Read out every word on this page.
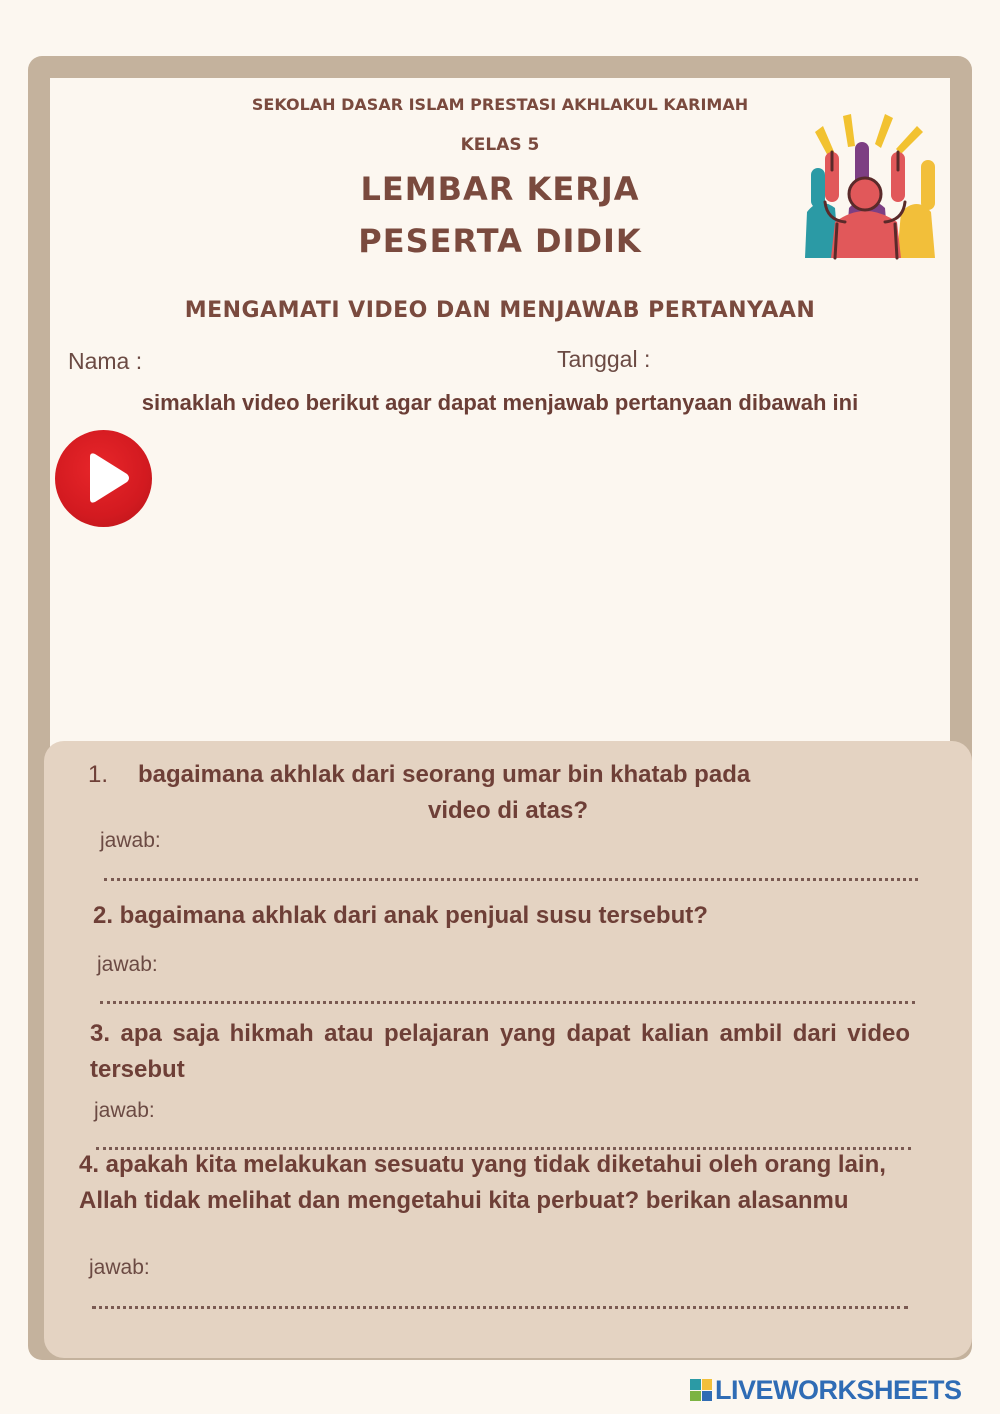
SEKOLAH DASAR ISLAM PRESTASI AKHLAKUL KARIMAH

KELAS 5

LEMBAR KERJA

PESERTA DIDIK

MENGAMATI VIDEO DAN MENJAWAB PERTANYAAN

Nama :	Tanggal :

simaklah video berikut agar dapat menjawab pertanyaan dibawah ini

1. bagaimana akhlak dari seorang umar bin khatab pada
video di atas?

jawab:

2. bagaimana akhlak dari anak penjual susu tersebut?

jawab:

3. apa saja hikmah atau pelajaran yang dapat kalian ambil dari video tersebut

jawab:

4. apakah kita melakukan sesuatu yang tidak diketahui oleh orang lain, Allah tidak melihat dan mengetahui kita perbuat? berikan alasanmu

jawab:
LIVEWORKSHEETS
